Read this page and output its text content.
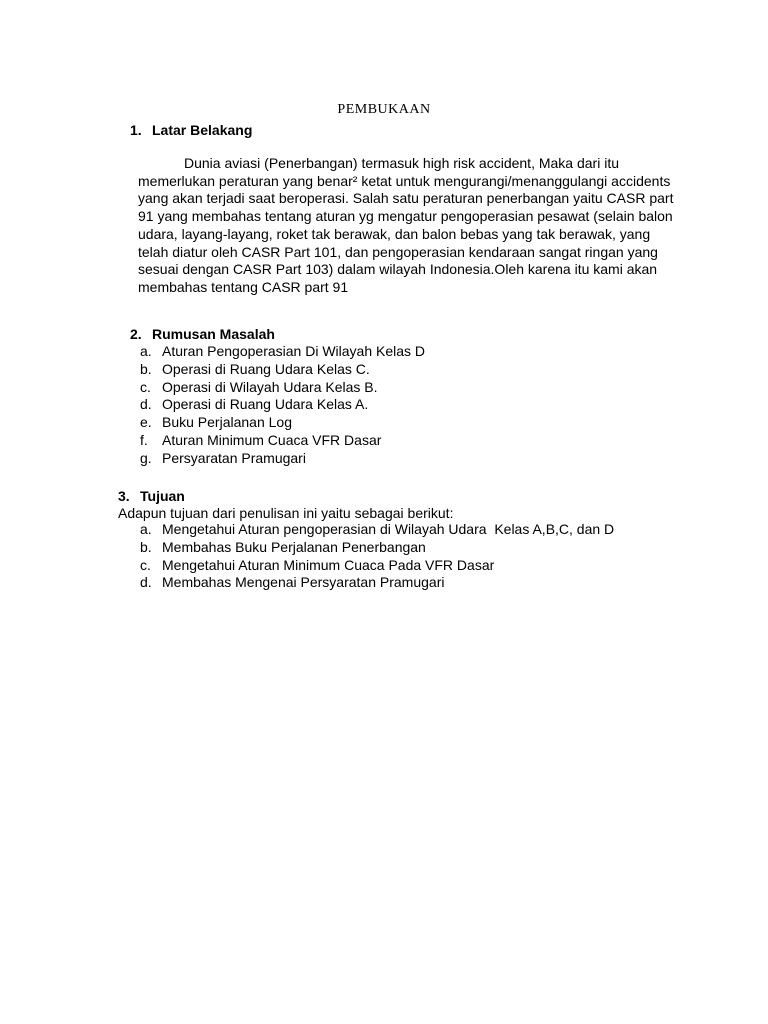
PEMBUKAAN
1. Latar Belakang
Dunia aviasi (Penerbangan) termasuk high risk accident, Maka dari itu memerlukan peraturan yang benar² ketat untuk mengurangi/menanggulangi accidents yang akan terjadi saat beroperasi. Salah satu peraturan penerbangan yaitu CASR part 91 yang membahas tentang aturan yg mengatur pengoperasian pesawat (selain balon udara, layang-layang, roket tak berawak, dan balon bebas yang tak berawak, yang telah diatur oleh CASR Part 101, dan pengoperasian kendaraan sangat ringan yang sesuai dengan CASR Part 103) dalam wilayah Indonesia.Oleh karena itu kami akan membahas tentang CASR part 91
2. Rumusan Masalah
a. Aturan Pengoperasian Di Wilayah Kelas D
b. Operasi di Ruang Udara Kelas C.
c. Operasi di Wilayah Udara Kelas B.
d. Operasi di Ruang Udara Kelas A.
e. Buku Perjalanan Log
f. Aturan Minimum Cuaca VFR Dasar
g. Persyaratan Pramugari
3. Tujuan
Adapun tujuan dari penulisan ini yaitu sebagai berikut:
a. Mengetahui Aturan pengoperasian di Wilayah Udara  Kelas A,B,C, dan D
b. Membahas Buku Perjalanan Penerbangan
c. Mengetahui Aturan Minimum Cuaca Pada VFR Dasar
d. Membahas Mengenai Persyaratan Pramugari
